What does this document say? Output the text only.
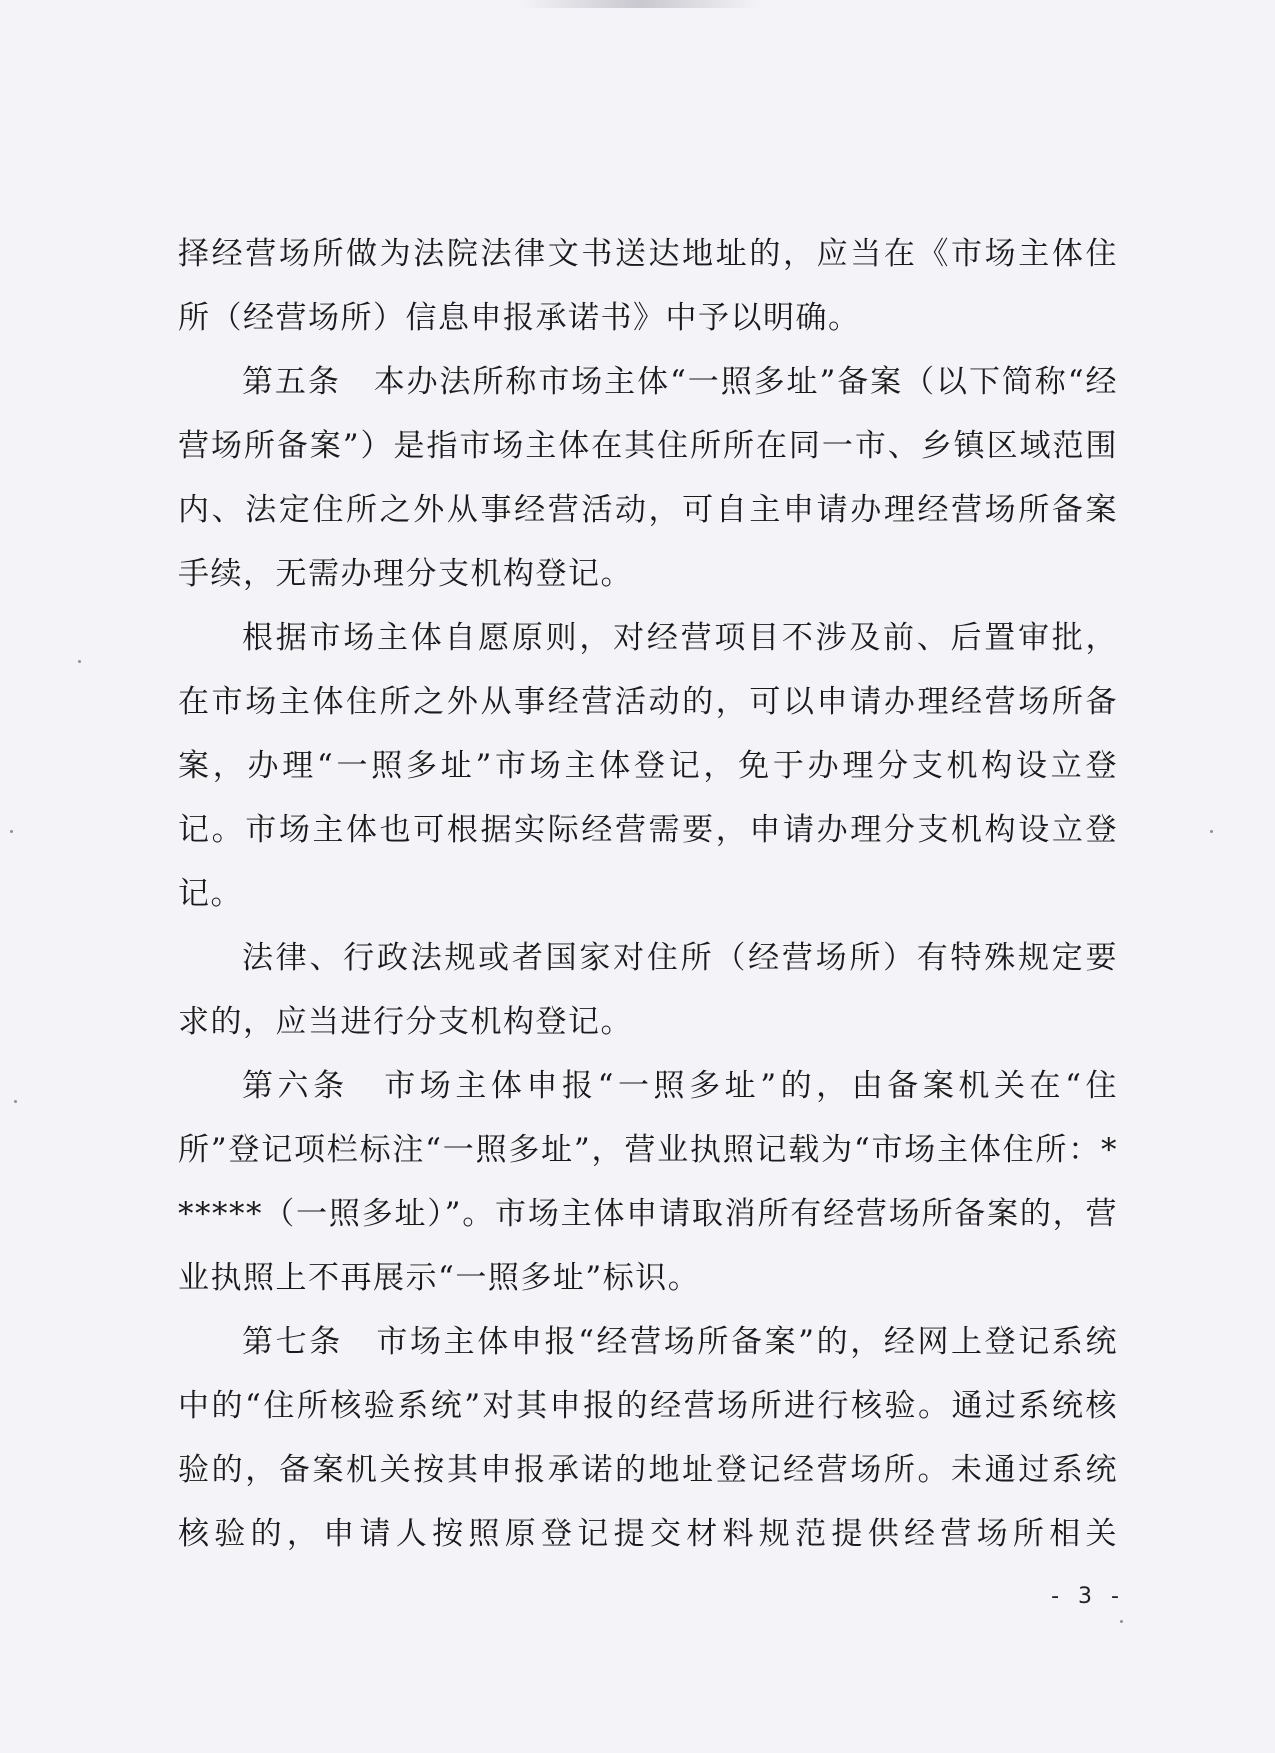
择经营场所做为法院法律文书送达地址的，应当在《市场主体住所（经营场所）信息申报承诺书》中予以明确。

第五条　本办法所称市场主体“一照多址”备案（以下简称“经营场所备案”）是指市场主体在其住所所在同一市、乡镇区域范围内、法定住所之外从事经营活动，可自主申请办理经营场所备案手续，无需办理分支机构登记。

根据市场主体自愿原则，对经营项目不涉及前、后置审批，在市场主体住所之外从事经营活动的，可以申请办理经营场所备案，办理“一照多址”市场主体登记，免于办理分支机构设立登记。市场主体也可根据实际经营需要，申请办理分支机构设立登记。

法律、行政法规或者国家对住所（经营场所）有特殊规定要求的，应当进行分支机构登记。

第六条　市场主体申报“一照多址”的，由备案机关在“住所”登记项栏标注“一照多址”，营业执照记载为“市场主体住所：******（一照多址）”。市场主体申请取消所有经营场所备案的，营业执照上不再展示“一照多址”标识。

第七条　市场主体申报“经营场所备案”的，经网上登记系统中的“住所核验系统”对其申报的经营场所进行核验。通过系统核验的，备案机关按其申报承诺的地址登记经营场所。未通过系统核验的，申请人按照原登记提交材料规范提供经营场所相关

- 3 -
